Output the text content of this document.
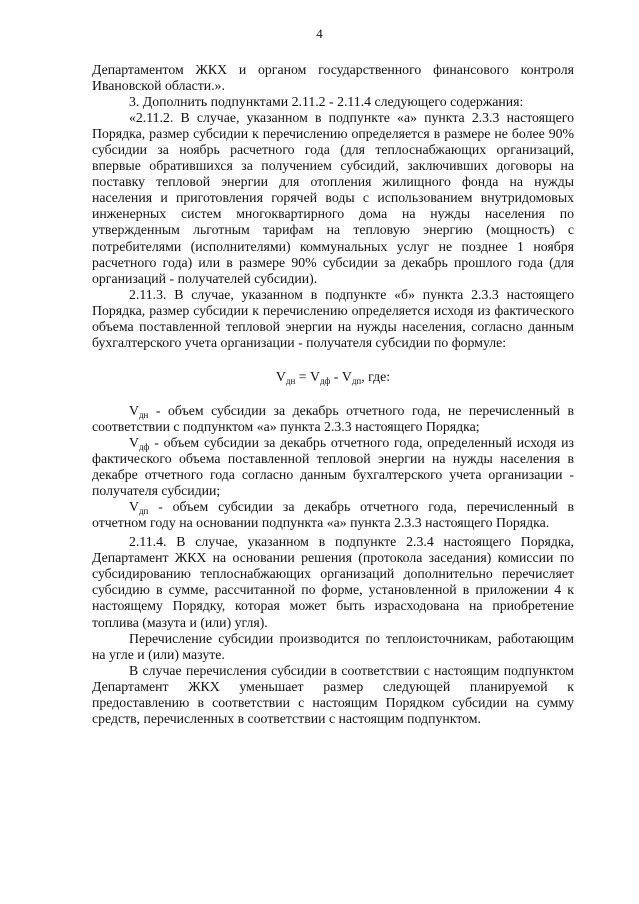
4

Департаментом ЖКХ и органом государственного финансового контроля Ивановской области.».

3. Дополнить подпунктами 2.11.2 - 2.11.4 следующего содержания:

«2.11.2. В случае, указанном в подпункте «а» пункта 2.3.3 настоящего Порядка, размер субсидии к перечислению определяется в размере не более 90% субсидии за ноябрь расчетного года (для теплоснабжающих организаций, впервые обратившихся за получением субсидий, заключивших договоры на поставку тепловой энергии для отопления жилищного фонда на нужды населения и приготовления горячей воды с использованием внутридомовых инженерных систем многоквартирного дома на нужды населения по утвержденным льготным тарифам на тепловую энергию (мощность) с потребителями (исполнителями) коммунальных услуг не позднее 1 ноября расчетного года) или в размере 90% субсидии за декабрь прошлого года (для организаций - получателей субсидии).

2.11.3. В случае, указанном в подпункте «б» пункта 2.3.3 настоящего Порядка, размер субсидии к перечислению определяется исходя из фактического объема поставленной тепловой энергии на нужды населения, согласно данным бухгалтерского учета организации - получателя субсидии по формуле:

$V_{дн} = V_{дф} - V_{дп}$, где:

$V_{дн}$ - объем субсидии за декабрь отчетного года, не перечисленный в соответствии с подпунктом «а» пункта 2.3.3 настоящего Порядка;

$V_{дф}$ - объем субсидии за декабрь отчетного года, определенный исходя из фактического объема поставленной тепловой энергии на нужды населения в декабре отчетного года согласно данным бухгалтерского учета организации - получателя субсидии;

$V_{дп}$ - объем субсидии за декабрь отчетного года, перечисленный в отчетном году на основании подпункта «а» пункта 2.3.3 настоящего Порядка.

2.11.4. В случае, указанном в подпункте 2.3.4 настоящего Порядка, Департамент ЖКХ на основании решения (протокола заседания) комиссии по субсидированию теплоснабжающих организаций дополнительно перечисляет субсидию в сумме, рассчитанной по форме, установленной в приложении 4 к настоящему Порядку, которая может быть израсходована на приобретение топлива (мазута и (или) угля).

Перечисление субсидии производится по теплоисточникам, работающим на угле и (или) мазуте.

В случае перечисления субсидии в соответствии с настоящим подпунктом Департамент ЖКХ уменьшает размер следующей планируемой к предоставлению в соответствии с настоящим Порядком субсидии на сумму средств, перечисленных в соответствии с настоящим подпунктом.
